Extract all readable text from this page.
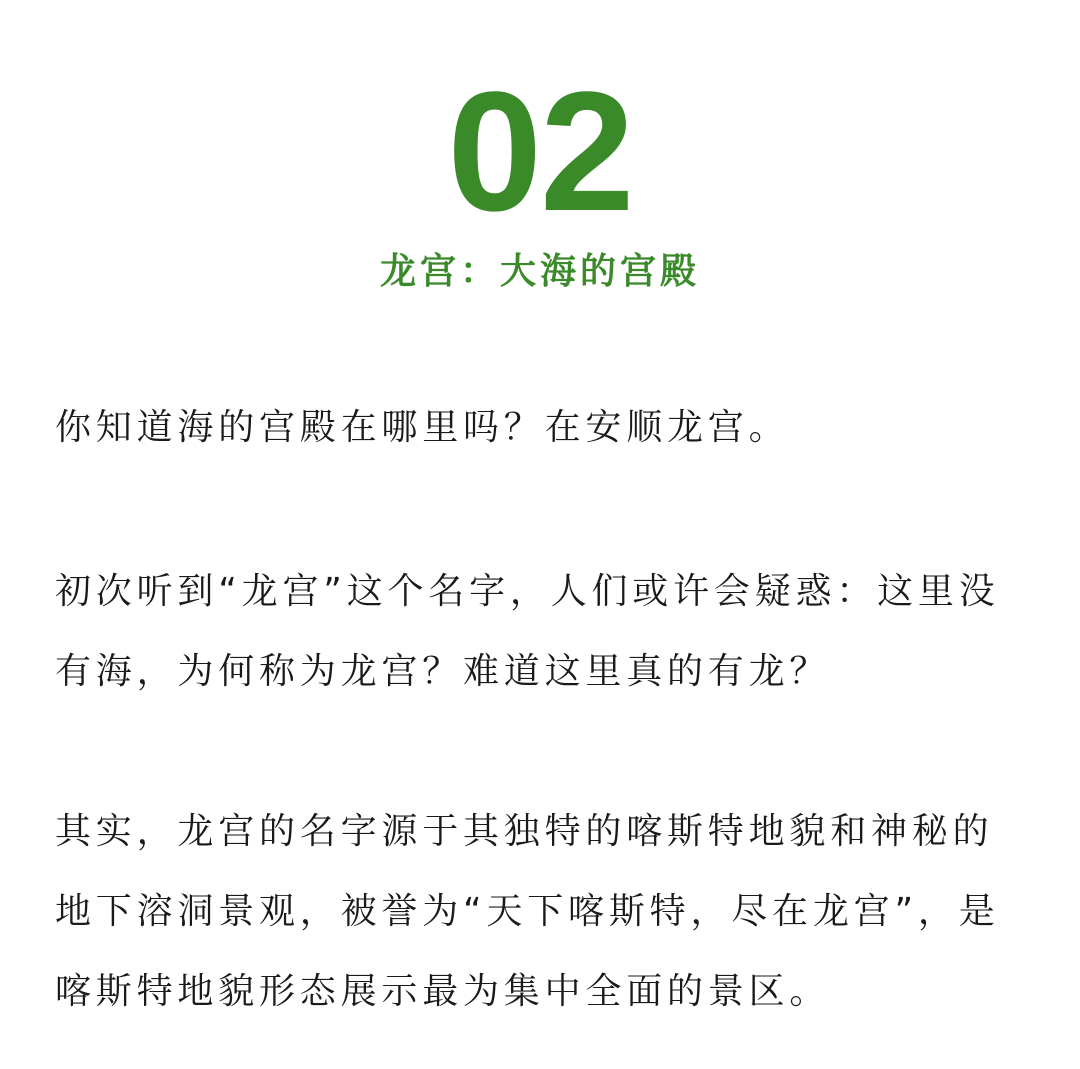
02
龙宫：大海的宫殿

你知道海的宫殿在哪里吗？在安顺龙宫。

初次听到“龙宫”这个名字，人们或许会疑惑：这里没有海，为何称为龙宫？难道这里真的有龙？

其实，龙宫的名字源于其独特的喀斯特地貌和神秘的地下溶洞景观，被誉为“天下喀斯特，尽在龙宫”，是喀斯特地貌形态展示最为集中全面的景区。
